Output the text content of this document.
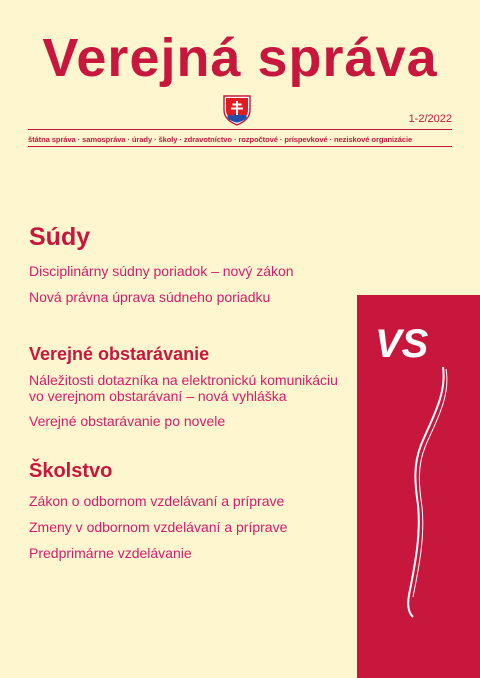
Verejná správa
1-2/2022
štátna správa · samospráva · úrady · školy · zdravotníctvo · rozpočtové · príspevkové · neziskové organizácie
Súdy

Disciplinárny súdny poriadok – nový zákon

Nová právna úprava súdneho poriadku

Verejné obstarávanie

Náležitosti dotazníka na elektronickú komunikáciu vo verejnom obstarávaní – nová vyhláška

Verejné obstarávanie po novele

Školstvo

Zákon o odbornom vzdelávaní a príprave

Zmeny v odbornom vzdelávaní a príprave

Predprimárne vzdelávanie

VS
